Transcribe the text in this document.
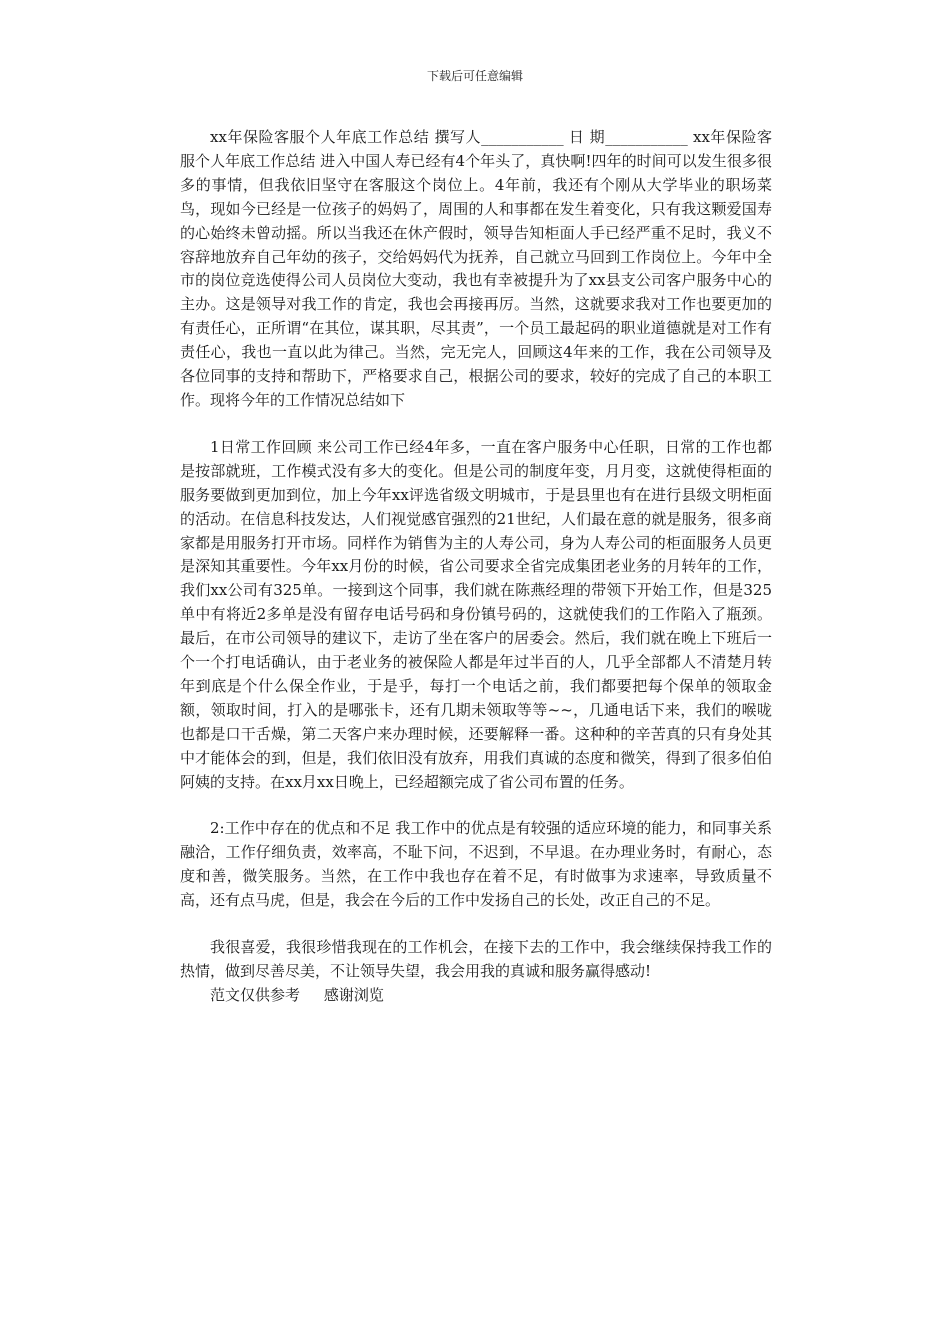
下载后可任意编辑

xx年保险客服个人年底工作总结 撰写人___________ 日 期___________ xx年保险客服个人年底工作总结 进入中国人寿已经有4个年头了，真快啊!四年的时间可以发生很多很多的事情，但我依旧坚守在客服这个岗位上。4年前，我还有个刚从大学毕业的职场菜鸟，现如今已经是一位孩子的妈妈了，周围的人和事都在发生着变化，只有我这颗爱国寿的心始终未曾动摇。所以当我还在休产假时，领导告知柜面人手已经严重不足时，我义不容辞地放弃自己年幼的孩子，交给妈妈代为抚养，自己就立马回到工作岗位上。今年中全市的岗位竞选使得公司人员岗位大变动，我也有幸被提升为了xx县支公司客户服务中心的主办。这是领导对我工作的肯定，我也会再接再厉。当然，这就要求我对工作也要更加的有责任心，正所谓“在其位，谋其职，尽其责”，一个员工最起码的职业道德就是对工作有责任心，我也一直以此为律己。当然，完无完人，回顾这4年来的工作，我在公司领导及各位同事的支持和帮助下，严格要求自己，根据公司的要求，较好的完成了自己的本职工作。现将今年的工作情况总结如下

1日常工作回顾 来公司工作已经4年多，一直在客户服务中心任职，日常的工作也都是按部就班，工作模式没有多大的变化。但是公司的制度年变，月月变，这就使得柜面的服务要做到更加到位，加上今年xx评选省级文明城市，于是县里也有在进行县级文明柜面的活动。在信息科技发达，人们视觉感官强烈的21世纪，人们最在意的就是服务，很多商家都是用服务打开市场。同样作为销售为主的人寿公司，身为人寿公司的柜面服务人员更是深知其重要性。今年xx月份的时候，省公司要求全省完成集团老业务的月转年的工作，我们xx公司有325单。一接到这个同事，我们就在陈燕经理的带领下开始工作，但是325单中有将近2多单是没有留存电话号码和身份镇号码的，这就使我们的工作陷入了瓶颈。最后，在市公司领导的建议下，走访了坐在客户的居委会。然后，我们就在晚上下班后一个一个打电话确认，由于老业务的被保险人都是年过半百的人，几乎全部都人不清楚月转年到底是个什么保全作业，于是乎，每打一个电话之前，我们都要把每个保单的领取金额，领取时间，打入的是哪张卡，还有几期未领取等等~~，几通电话下来，我们的喉咙也都是口干舌燥，第二天客户来办理时候，还要解释一番。这种种的辛苦真的只有身处其中才能体会的到，但是，我们依旧没有放弃，用我们真诚的态度和微笑，得到了很多伯伯阿姨的支持。在xx月xx日晚上，已经超额完成了省公司布置的任务。

2:工作中存在的优点和不足 我工作中的优点是有较强的适应环境的能力，和同事关系融洽，工作仔细负责，效率高，不耻下问，不迟到，不早退。在办理业务时，有耐心，态度和善，微笑服务。当然，在工作中我也存在着不足，有时做事为求速率，导致质量不高，还有点马虎，但是，我会在今后的工作中发扬自己的长处，改正自己的不足。

我很喜爱，我很珍惜我现在的工作机会，在接下去的工作中，我会继续保持我工作的热情，做到尽善尽美，不让领导失望，我会用我的真诚和服务赢得感动!

范文仅供参考 感谢浏览
